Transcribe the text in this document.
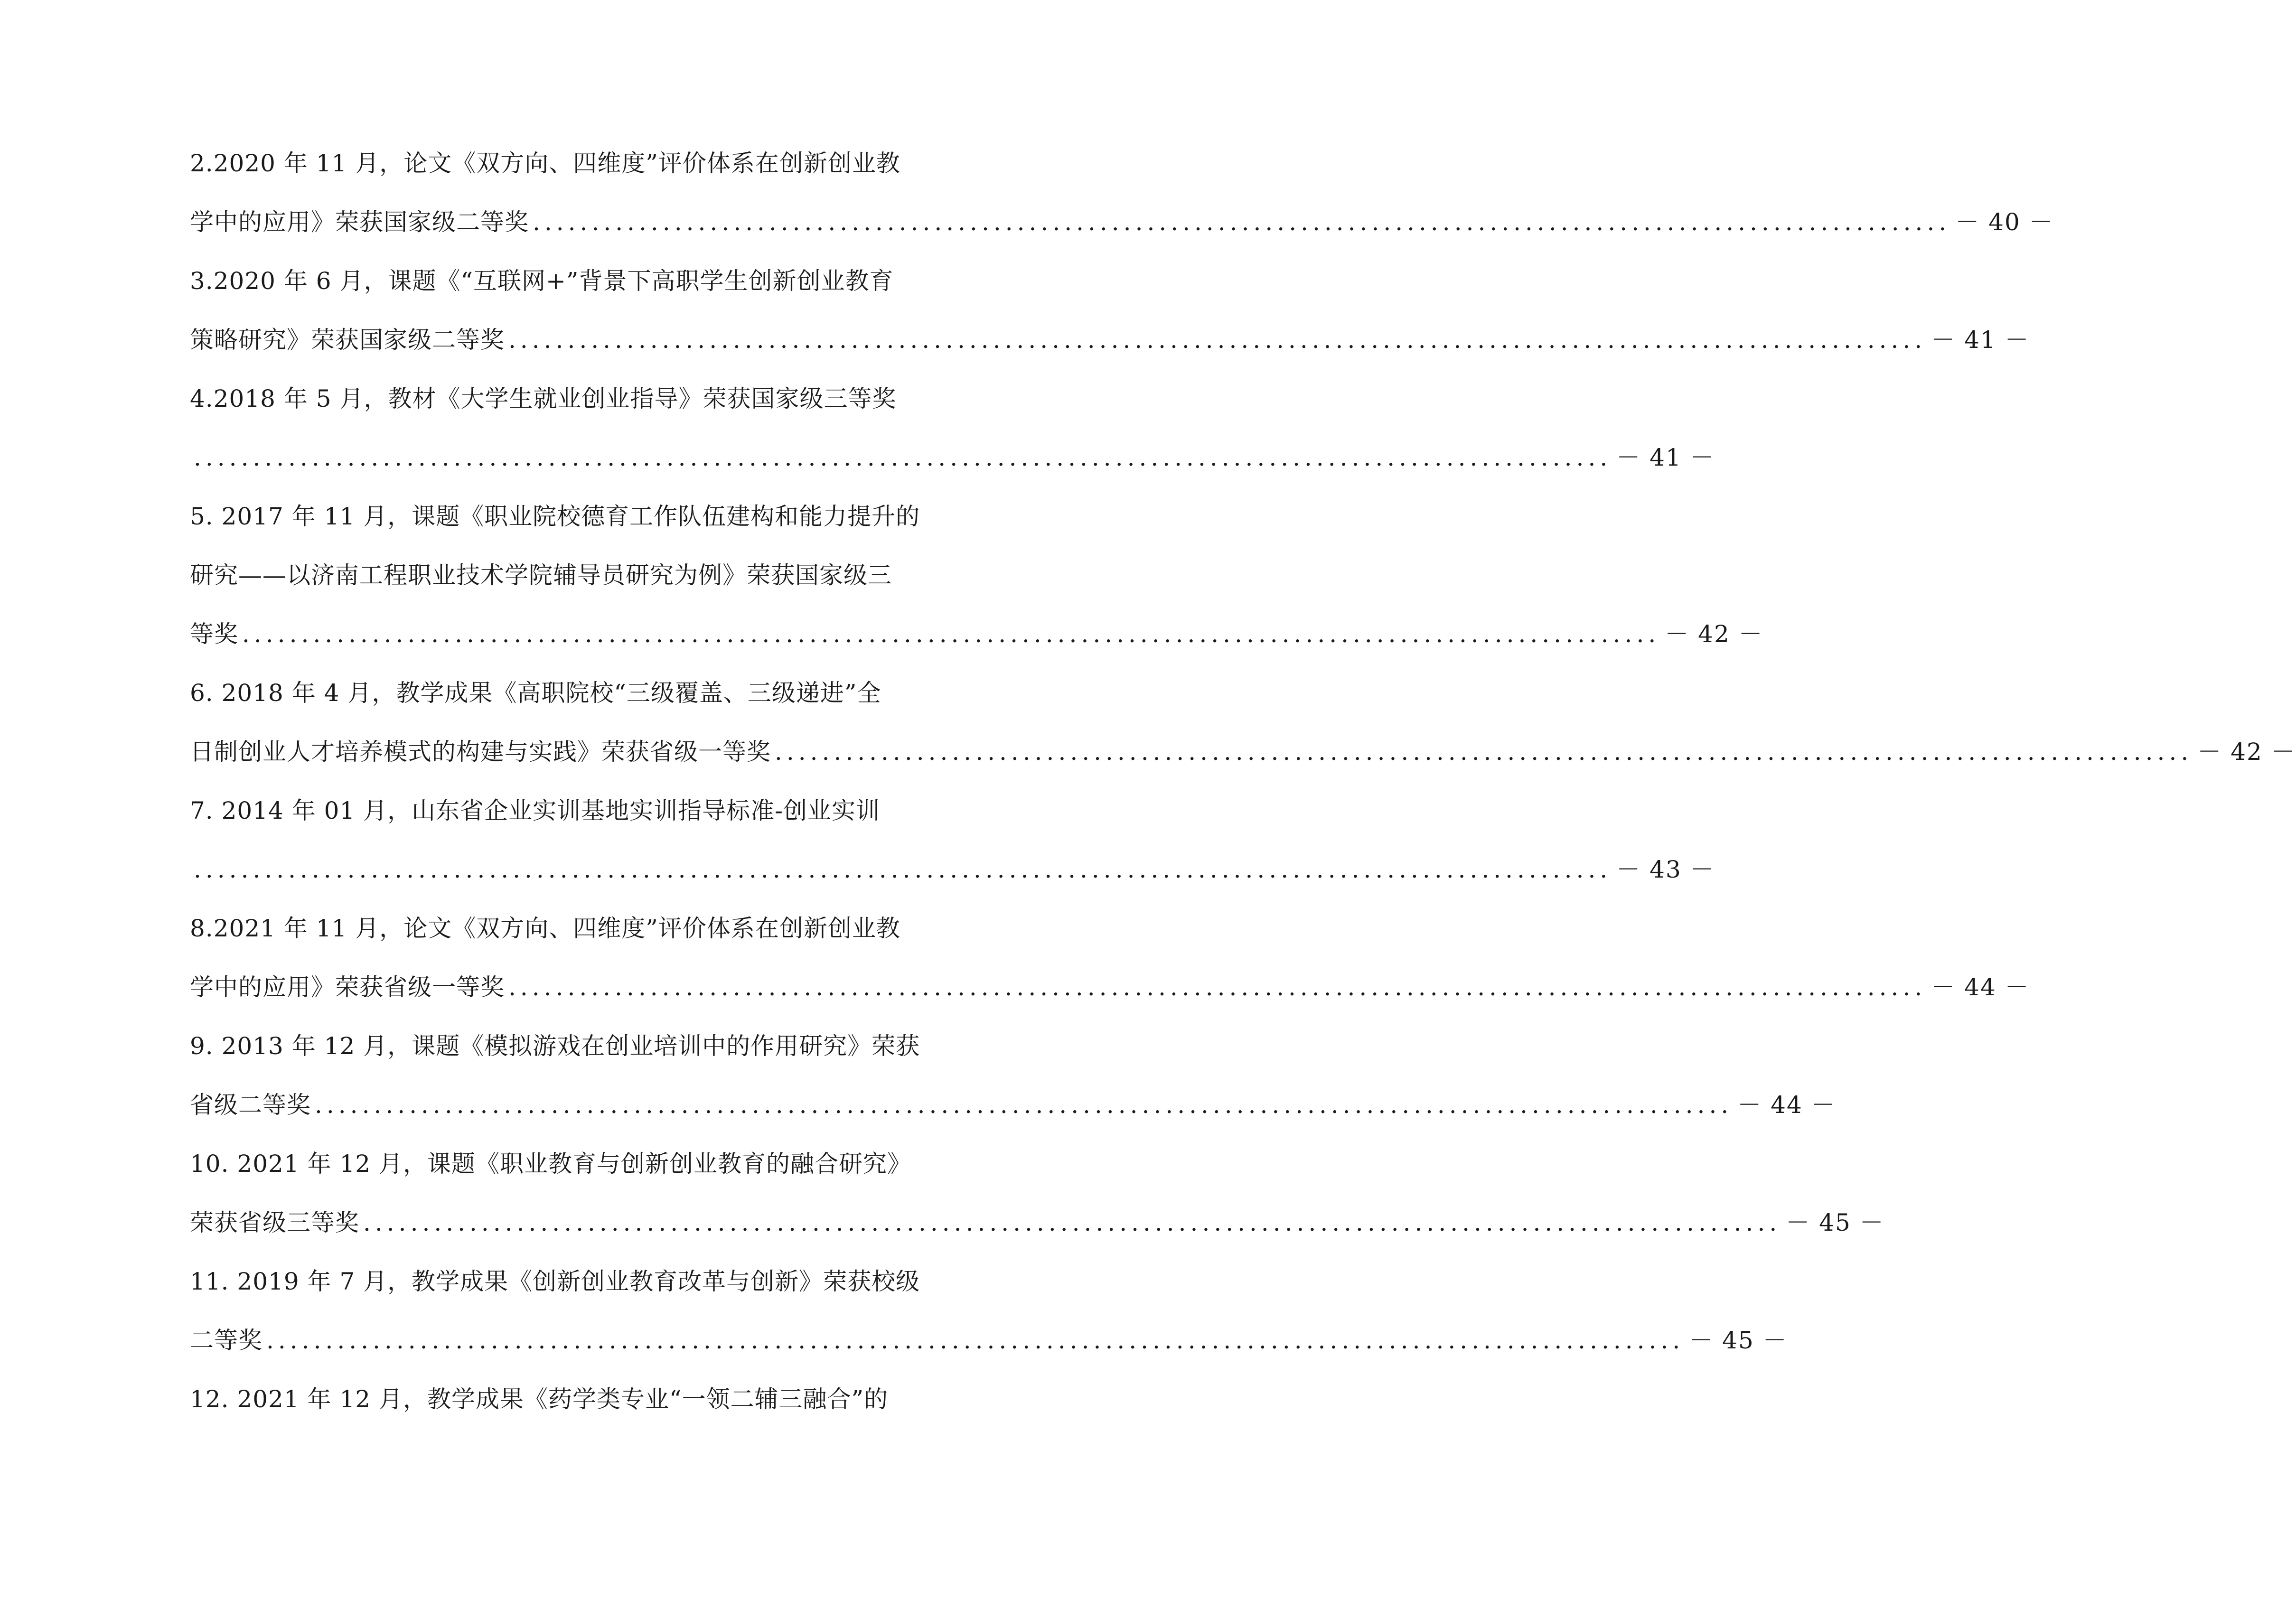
2.2020 年 11 月，论文《双方向、四维度”评价体系在创新创业教
学中的应用》荣获国家级二等奖 ........................................................................................................................ － 40 －
3.2020 年 6 月，课题《“互联网+”背景下高职学生创新创业教育
策略研究》荣获国家级二等奖 ........................................................................................................................ － 41 －
4.2018 年 5 月，教材《大学生就业创业指导》荣获国家级三等奖
........................................................................................................................ － 41 －
5. 2017 年 11 月，课题《职业院校德育工作队伍建构和能力提升的
研究——以济南工程职业技术学院辅导员研究为例》荣获国家级三
等奖 ........................................................................................................................ － 42 －
6. 2018 年 4 月，教学成果《高职院校“三级覆盖、三级递进”全
日制创业人才培养模式的构建与实践》荣获省级一等奖 ........................................................................................................................ － 42 －
7. 2014 年 01 月，山东省企业实训基地实训指导标准-创业实训
........................................................................................................................ － 43 －
8.2021 年 11 月，论文《双方向、四维度”评价体系在创新创业教
学中的应用》荣获省级一等奖 ........................................................................................................................ － 44 －
9. 2013 年 12 月，课题《模拟游戏在创业培训中的作用研究》荣获
省级二等奖 ........................................................................................................................ － 44 －
10. 2021 年 12 月，课题《职业教育与创新创业教育的融合研究》
荣获省级三等奖 ........................................................................................................................ － 45 －
11. 2019 年 7 月，教学成果《创新创业教育改革与创新》荣获校级
二等奖 ........................................................................................................................ － 45 －
12. 2021 年 12 月，教学成果《药学类专业“一领二辅三融合”的
